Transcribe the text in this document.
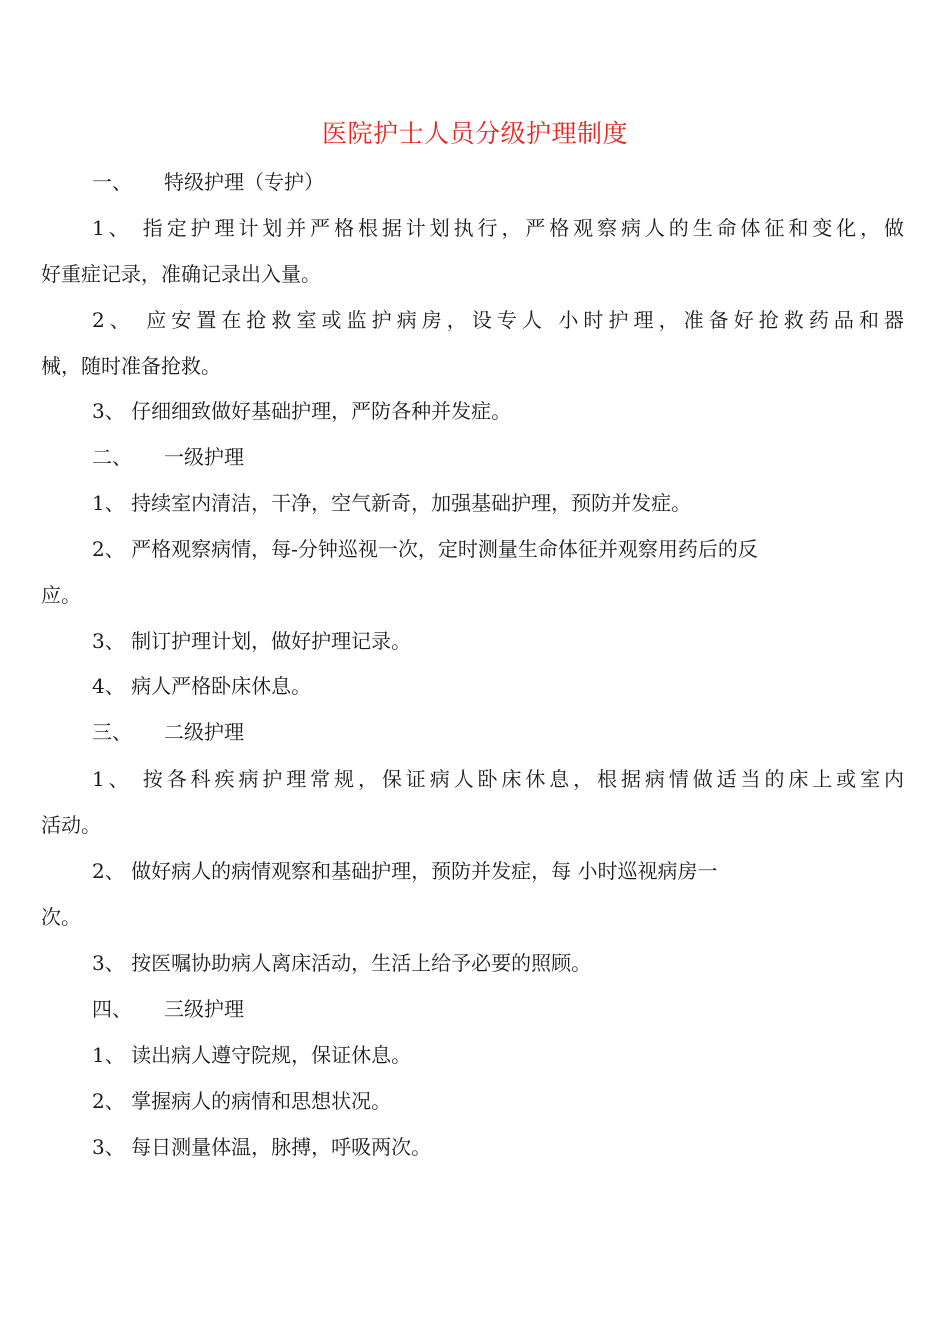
医院护士人员分级护理制度
一、 特级护理（专护）
1、 指定护理计划并严格根据计划执行，严格观察病人的生命体征和变化，做
好重症记录，准确记录出入量。
2、 应安置在抢救室或监护病房，设专人 小时护理，准备好抢救药品和器
械，随时准备抢救。
3、 仔细细致做好基础护理，严防各种并发症。
二、 一级护理
1、 持续室内清洁，干净，空气新奇，加强基础护理，预防并发症。
2、 严格观察病情，每-分钟巡视一次，定时测量生命体征并观察用药后的反
应。
3、 制订护理计划，做好护理记录。
4、 病人严格卧床休息。
三、 二级护理
1、 按各科疾病护理常规，保证病人卧床休息，根据病情做适当的床上或室内
活动。
2、 做好病人的病情观察和基础护理，预防并发症，每 小时巡视病房一
次。
3、 按医嘱协助病人离床活动，生活上给予必要的照顾。
四、 三级护理
1、 读出病人遵守院规，保证休息。
2、 掌握病人的病情和思想状况。
3、 每日测量体温，脉搏，呼吸两次。
